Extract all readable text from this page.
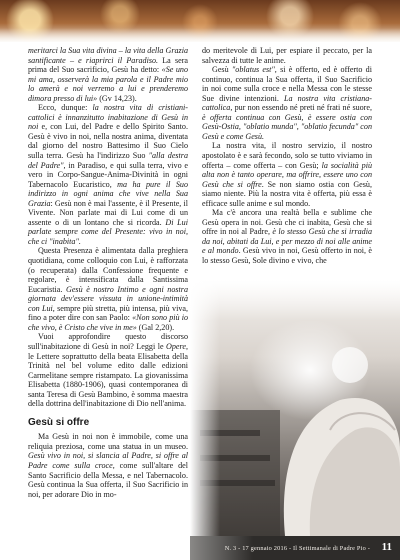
meritarci la Sua vita divina – la vita della Grazia santificante – e riaprirci il Paradiso. La sera prima del Suo sacrificio, Gesù ha detto: «Se uno mi ama, osserverà la mia parola e il Padre mio lo amerà e noi verremo a lui e prenderemo dimora presso di lui» (Gv 14,23).

Ecco, dunque: la nostra vita di cristiani-cattolici è innanzitutto inabitazione di Gesù in noi e, con Lui, del Padre e dello Spirito Santo. Gesù è vivo in noi, nella nostra anima, diventata dal giorno del nostro Battesimo il Suo Cielo sulla terra. Gesù ha l'indirizzo Suo "alla destra del Padre", in Paradiso, e qui sulla terra, vivo e vero in Corpo-Sangue-Anima-Divinità in ogni Tabernacolo Eucaristico, ma ha pure il Suo indirizzo in ogni anima che vive nella Sua Grazia: Gesù non è mai l'assente, è il Presente, il Vivente. Non parlate mai di Lui come di un assente o di un lontano che si ricorda. Di Lui parlate sempre come del Presente: vivo in noi, che ci "inabita".

Questa Presenza è alimentata dalla preghiera quotidiana, come colloquio con Lui, è rafforzata (o recuperata) dalla Confessione frequente e regolare, è intensificata dalla Santissima Eucaristia. Gesù è nostro Intimo e ogni nostra giornata dev'essere vissuta in unione-intimità con Lui, sempre più stretta, più intensa, più viva, fino a poter dire con san Paolo: «Non sono più io che vivo, è Cristo che vive in me» (Gal 2,20).

Vuoi approfondire questo discorso sull'inabitazione di Gesù in noi? Leggi le Opere, le Lettere soprattutto della beata Elisabetta della Trinità nel bel volume edito dalle edizioni Carmelitane sempre ristampato. La giovanissima Elisabetta (1880-1906), quasi contemporanea di santa Teresa di Gesù Bambino, è somma maestra della dottrina dell'inabitazione di Dio nell'anima.

Gesù si offre

Ma Gesù in noi non è immobile, come una reliquia preziosa, come una statua in un museo. Gesù vivo in noi, si slancia al Padre, si offre al Padre come sulla croce, come sull'altare del Santo Sacrificio della Messa, e nel Tabernacolo. Gesù continua la Sua offerta, il Suo Sacrificio in noi, per adorare Dio in mo-

do meritevole di Lui, per espiare il peccato, per la salvezza di tutte le anime.

Gesù "oblatus est", si è offerto, ed è offerto di continuo, continua la Sua offerta, il Suo Sacrificio in noi come sulla croce e nella Messa con le stesse Sue divine intenzioni. La nostra vita cristiana-cattolica, pur non essendo né preti né frati né suore, è offerta continua con Gesù, è essere ostia con Gesù-Ostia, "oblatio munda", "oblatio fecunda" con Gesù e come Gesù.

La nostra vita, il nostro servizio, il nostro apostolato è e sarà fecondo, solo se tutto viviamo in offerta – come offerta – con Gesù; la socialità più alta non è tanto operare, ma offrire, essere uno con Gesù che si offre. Se non siamo ostia con Gesù, siamo niente. Più la nostra vita è offerta, più essa è efficace sulle anime e sul mondo.

Ma c'è ancora una realtà bella e sublime che Gesù opera in noi. Gesù che ci inabita, Gesù che si offre in noi al Padre, è lo stesso Gesù che si irradia da noi, abitati da Lui, e per mezzo di noi alle anime e al mondo. Gesù vivo in noi, Gesù offerto in noi, è lo stesso Gesù, Sole divino e vivo, che

N. 3 - 17 gennaio 2016 - Il Settimanale di Padre Pio - 11
